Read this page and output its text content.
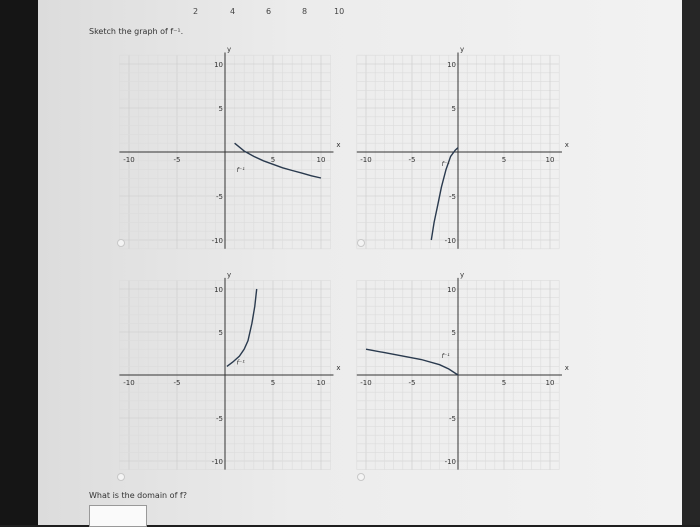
2	4	6	8	10
Sketch the graph of f⁻¹.
x
y
-10	-5	5	10
10
5
-5
-10
f⁻¹
x
y
-10	-5	5	10
10
5
-5
-10
f⁻¹
x
y
-10	-5	5	10
10
5
-5
-10
f⁻¹
x
y
-10	-5	5	10
10
5
-5
-10
f⁻¹
What is the domain of f?
